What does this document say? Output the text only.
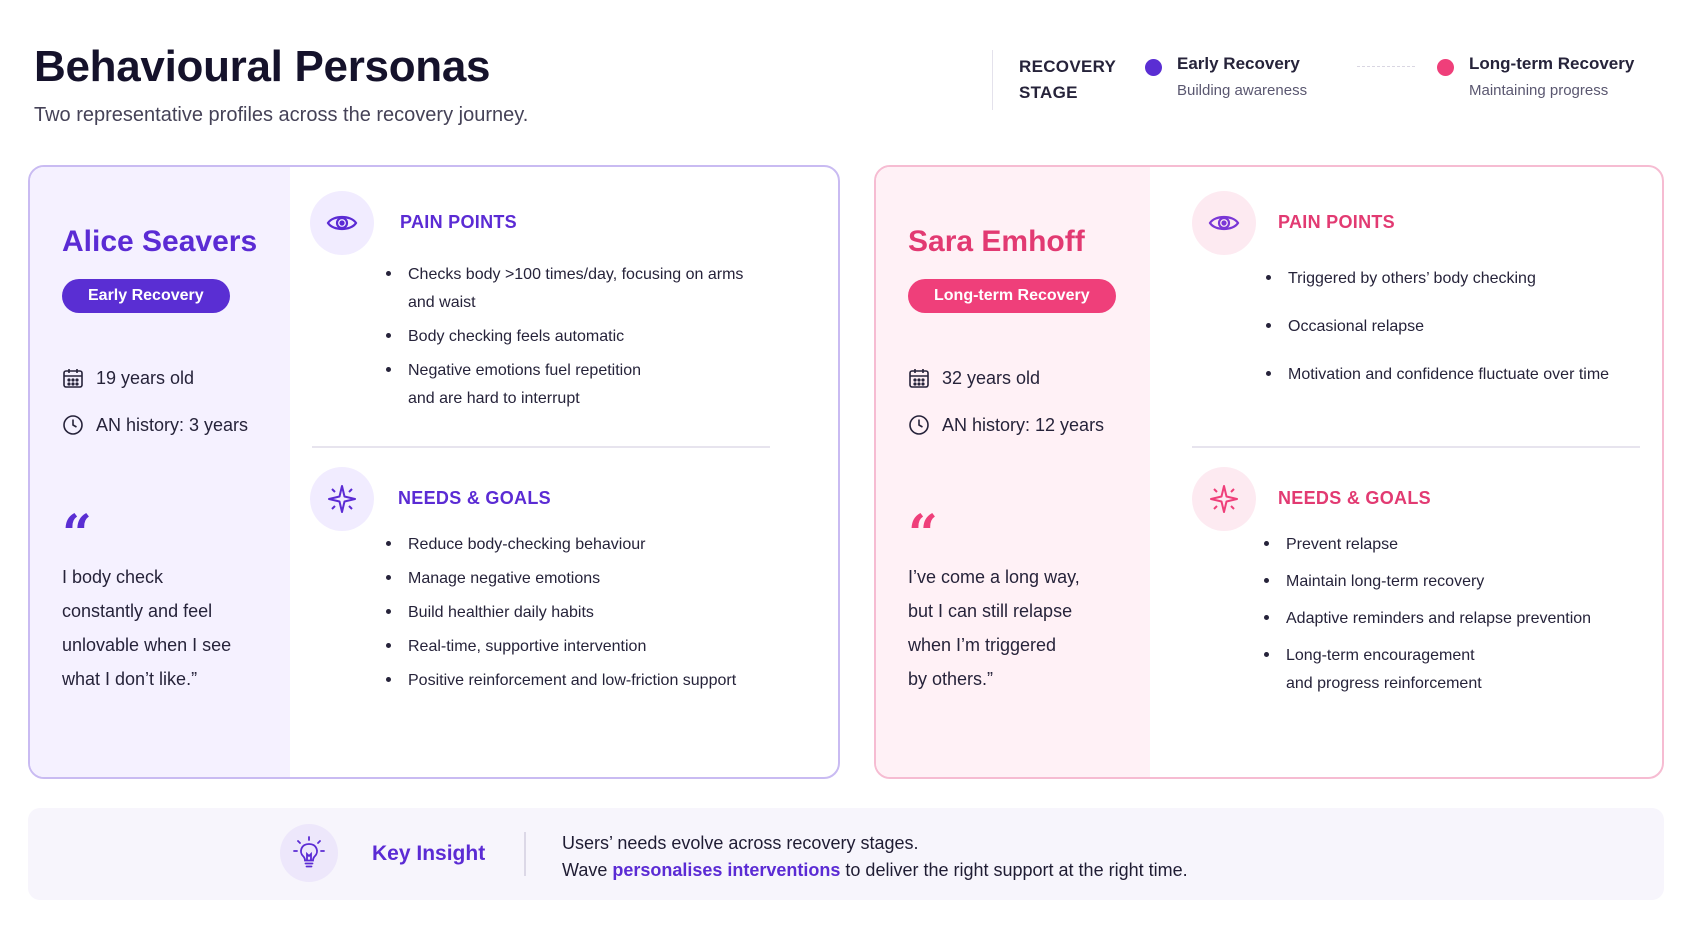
Behavioural Personas
Two representative profiles across the recovery journey.
RECOVERY
STAGE
Early Recovery
Building awareness
Long-term Recovery
Maintaining progress
Alice Seavers
Early Recovery
19 years old
AN history: 3 years
“
I body check
constantly and feel
unlovable when I see
what I don’t like.”
PAIN POINTS
Checks body >100 times/day, focusing on arms
and waist
Body checking feels automatic
Negative emotions fuel repetition
and are hard to interrupt
NEEDS & GOALS
Reduce body-checking behaviour
Manage negative emotions
Build healthier daily habits
Real-time, supportive intervention
Positive reinforcement and low-friction support
Sara Emhoff
Long-term Recovery
32 years old
AN history: 12 years
“
I’ve come a long way,
but I can still relapse
when I’m triggered
by others.”
PAIN POINTS
Triggered by others’ body checking
Occasional relapse
Motivation and confidence fluctuate over time
NEEDS & GOALS
Prevent relapse
Maintain long-term recovery
Adaptive reminders and relapse prevention
Long-term encouragement
and progress reinforcement
Key Insight	Users’ needs evolve across recovery stages.
Wave personalises interventions to deliver the right support at the right time.
